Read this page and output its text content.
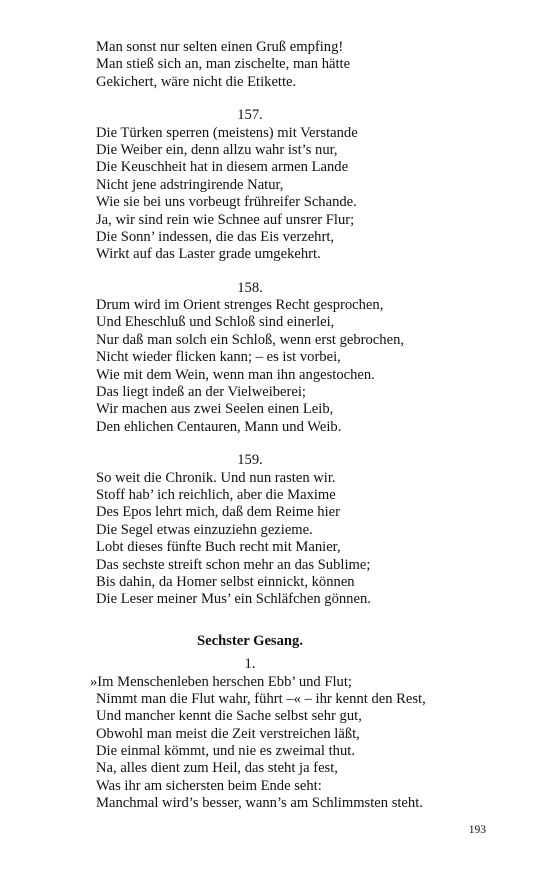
Man sonst nur selten einen Gruß empfing!
Man stieß sich an, man zischelte, man hätte
Gekichert, wäre nicht die Etikette.
157.
Die Türken sperren (meistens) mit Verstande
Die Weiber ein, denn allzu wahr ist’s nur,
Die Keuschheit hat in diesem armen Lande
Nicht jene adstringirende Natur,
Wie sie bei uns vorbeugt frühreifer Schande.
Ja, wir sind rein wie Schnee auf unsrer Flur;
Die Sonn’ indessen, die das Eis verzehrt,
Wirkt auf das Laster grade umgekehrt.
158.
Drum wird im Orient strenges Recht gesprochen,
Und Eheschluß und Schloß sind einerlei,
Nur daß man solch ein Schloß, wenn erst gebrochen,
Nicht wieder flicken kann; – es ist vorbei,
Wie mit dem Wein, wenn man ihn angestochen.
Das liegt indeß an der Vielweiberei;
Wir machen aus zwei Seelen einen Leib,
Den ehlichen Centauren, Mann und Weib.
159.
So weit die Chronik. Und nun rasten wir.
Stoff hab’ ich reichlich, aber die Maxime
Des Epos lehrt mich, daß dem Reime hier
Die Segel etwas einzuziehn gezieme.
Lobt dieses fünfte Buch recht mit Manier,
Das sechste streift schon mehr an das Sublime;
Bis dahin, da Homer selbst einnickt, können
Die Leser meiner Mus’ ein Schläfchen gönnen.
Sechster Gesang.
1.
»Im Menschenleben herschen Ebb’ und Flut;
Nimmt man die Flut wahr, führt –« – ihr kennt den Rest,
Und mancher kennt die Sache selbst sehr gut,
Obwohl man meist die Zeit verstreichen läßt,
Die einmal kömmt, und nie es zweimal thut.
Na, alles dient zum Heil, das steht ja fest,
Was ihr am sichersten beim Ende seht:
Manchmal wird’s besser, wann’s am Schlimmsten steht.
193
